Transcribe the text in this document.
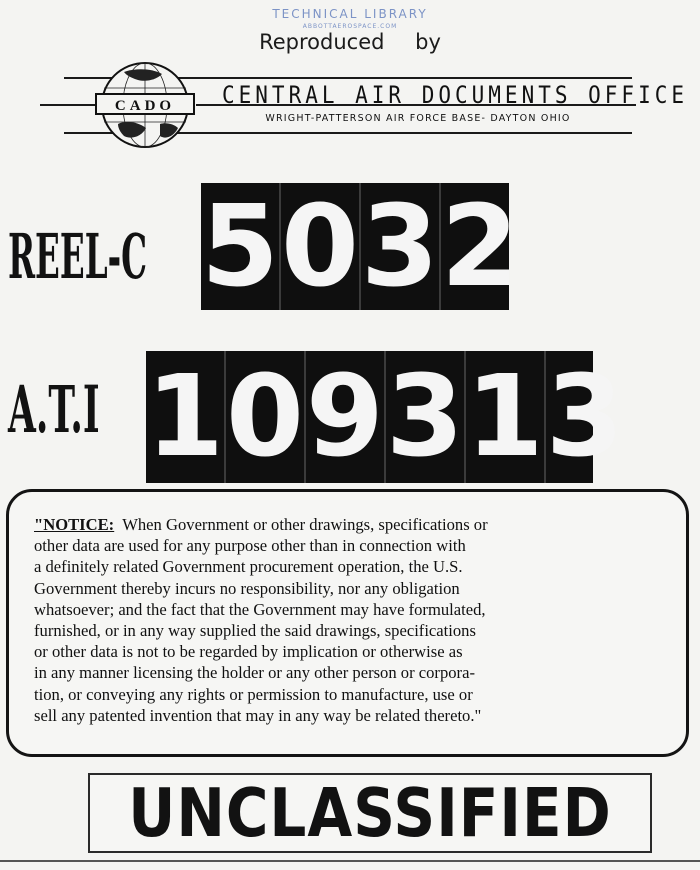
TECHNICAL LIBRARY
ABBOTTAEROSPACE.COM
Reproduced by
CADO CENTRAL AIR DOCUMENTS OFFICE
WRIGHT-PATTERSON AIR FORCE BASE- DAYTON OHIO
REEL-C 5 0 3 2
A.T.I 1 0 9 3 1 3
"NOTICE: When Government or other drawings, specifications or
other data are used for any purpose other than in connection with
a definitely related Government procurement operation, the U.S.
Government thereby incurs no responsibility, nor any obligation
whatsoever; and the fact that the Government may have formulated,
furnished, or in any way supplied the said drawings, specifications
or other data is not to be regarded by implication or otherwise as
in any manner licensing the holder or any other person or corpora-
tion, or conveying any rights or permission to manufacture, use or
sell any patented invention that may in any way be related thereto."
UNCLASSIFIED
